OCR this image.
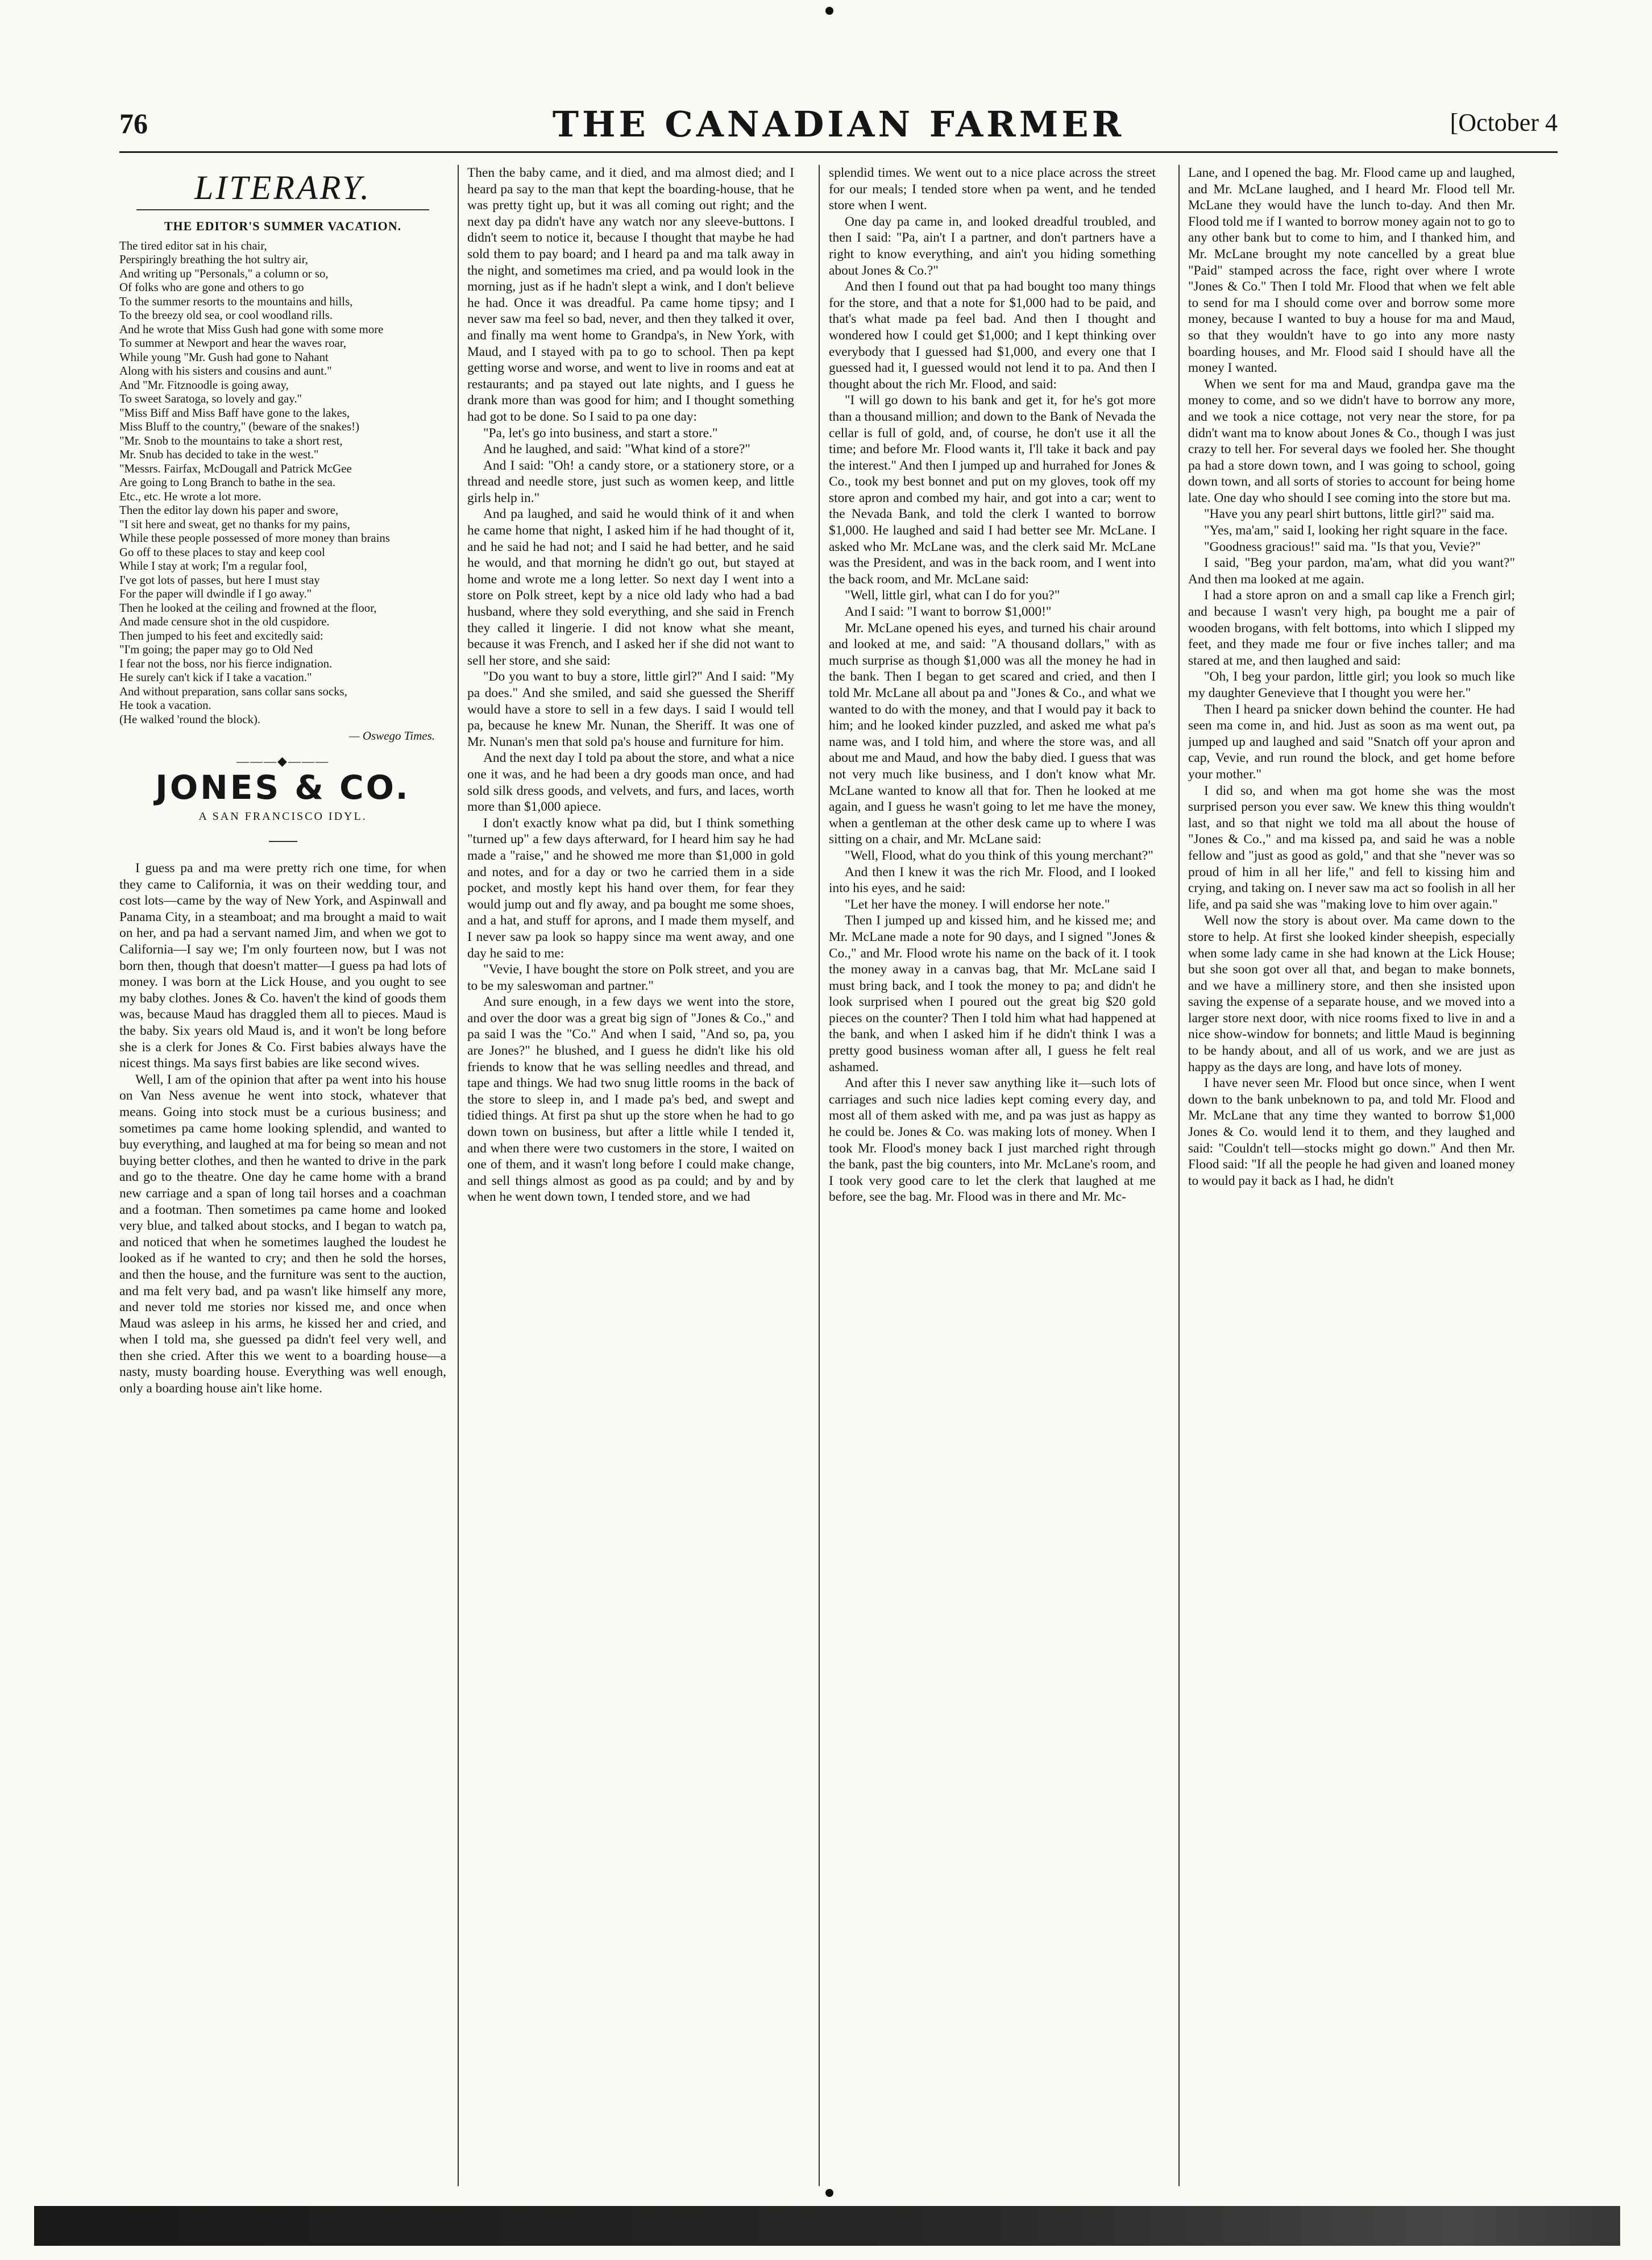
76	THE CANADIAN FARMER	[October 4
LITERARY.
THE EDITOR'S SUMMER VACATION.

The tired editor sat in his chair,

Perspiringly breathing the hot sultry air,

And writing up "Personals," a column or so,

Of folks who are gone and others to go

To the summer resorts to the mountains and hills,

To the breezy old sea, or cool woodland rills.

And he wrote that Miss Gush had gone with some more

To summer at Newport and hear the waves roar,

While young "Mr. Gush had gone to Nahant

Along with his sisters and cousins and aunt."

And "Mr. Fitznoodle is going away,

To sweet Saratoga, so lovely and gay."

"Miss Biff and Miss Baff have gone to the lakes,

Miss Bluff to the country," (beware of the snakes!)

"Mr. Snob to the mountains to take a short rest,

Mr. Snub has decided to take in the west."

"Messrs. Fairfax, McDougall and Patrick McGee

Are going to Long Branch to bathe in the sea.

Etc., etc. He wrote a lot more.

Then the editor lay down his paper and swore,

"I sit here and sweat, get no thanks for my pains,

While these people possessed of more money than brains

Go off to these places to stay and keep cool

While I stay at work; I'm a regular fool,

I've got lots of passes, but here I must stay

For the paper will dwindle if I go away."

Then he looked at the ceiling and frowned at the floor,

And made censure shot in the old cuspidore.

Then jumped to his feet and excitedly said:

"I'm going; the paper may go to Old Ned

I fear not the boss, nor his fierce indignation.

He surely can't kick if I take a vacation."

And without preparation, sans collar sans socks,

He took a vacation.

(He walked 'round the block).

— Oswego Times.
———◆———
JONES & CO.
A SAN FRANCISCO IDYL.

I guess pa and ma were pretty rich one time, for when they came to California, it was on their wedding tour, and cost lots—came by the way of New York, and Aspinwall and Panama City, in a steamboat; and ma brought a maid to wait on her, and pa had a servant named Jim, and when we got to California—I say we; I'm only fourteen now, but I was not born then, though that doesn't matter—I guess pa had lots of money. I was born at the Lick House, and you ought to see my baby clothes. Jones & Co. haven't the kind of goods them was, because Maud has draggled them all to pieces. Maud is the baby. Six years old Maud is, and it won't be long before she is a clerk for Jones & Co. First babies always have the nicest things. Ma says first babies are like second wives.

Well, I am of the opinion that after pa went into his house on Van Ness avenue he went into stock, whatever that means. Going into stock must be a curious business; and sometimes pa came home looking splendid, and wanted to buy everything, and laughed at ma for being so mean and not buying better clothes, and then he wanted to drive in the park and go to the theatre. One day he came home with a brand new carriage and a span of long tail horses and a coachman and a footman. Then sometimes pa came home and looked very blue, and talked about stocks, and I began to watch pa, and noticed that when he sometimes laughed the loudest he looked as if he wanted to cry; and then he sold the horses, and then the house, and the furniture was sent to the auction, and ma felt very bad, and pa wasn't like himself any more, and never told me stories nor kissed me, and once when Maud was asleep in his arms, he kissed her and cried, and when I told ma, she guessed pa didn't feel very well, and then she cried. After this we went to a boarding house—a nasty, musty boarding house. Everything was well enough, only a boarding house ain't like home.

Then the baby came, and it died, and ma almost died; and I heard pa say to the man that kept the boarding-house, that he was pretty tight up, but it was all coming out right; and the next day pa didn't have any watch nor any sleeve-buttons. I didn't seem to notice it, because I thought that maybe he had sold them to pay board; and I heard pa and ma talk away in the night, and sometimes ma cried, and pa would look in the morning, just as if he hadn't slept a wink, and I don't believe he had. Once it was dreadful. Pa came home tipsy; and I never saw ma feel so bad, never, and then they talked it over, and finally ma went home to Grandpa's, in New York, with Maud, and I stayed with pa to go to school. Then pa kept getting worse and worse, and went to live in rooms and eat at restaurants; and pa stayed out late nights, and I guess he drank more than was good for him; and I thought something had got to be done. So I said to pa one day:

"Pa, let's go into business, and start a store."

And he laughed, and said: "What kind of a store?"

And I said: "Oh! a candy store, or a stationery store, or a thread and needle store, just such as women keep, and little girls help in."

And pa laughed, and said he would think of it and when he came home that night, I asked him if he had thought of it, and he said he had not; and I said he had better, and he said he would, and that morning he didn't go out, but stayed at home and wrote me a long letter. So next day I went into a store on Polk street, kept by a nice old lady who had a bad husband, where they sold everything, and she said in French they called it lingerie. I did not know what she meant, because it was French, and I asked her if she did not want to sell her store, and she said:

"Do you want to buy a store, little girl?" And I said: "My pa does." And she smiled, and said she guessed the Sheriff would have a store to sell in a few days. I said I would tell pa, because he knew Mr. Nunan, the Sheriff. It was one of Mr. Nunan's men that sold pa's house and furniture for him.

And the next day I told pa about the store, and what a nice one it was, and he had been a dry goods man once, and had sold silk dress goods, and velvets, and furs, and laces, worth more than $1,000 apiece.

I don't exactly know what pa did, but I think something "turned up" a few days afterward, for I heard him say he had made a "raise," and he showed me more than $1,000 in gold and notes, and for a day or two he carried them in a side pocket, and mostly kept his hand over them, for fear they would jump out and fly away, and pa bought me some shoes, and a hat, and stuff for aprons, and I made them myself, and I never saw pa look so happy since ma went away, and one day he said to me:

"Vevie, I have bought the store on Polk street, and you are to be my saleswoman and partner."

And sure enough, in a few days we went into the store, and over the door was a great big sign of "Jones & Co.," and pa said I was the "Co." And when I said, "And so, pa, you are Jones?" he blushed, and I guess he didn't like his old friends to know that he was selling needles and thread, and tape and things. We had two snug little rooms in the back of the store to sleep in, and I made pa's bed, and swept and tidied things. At first pa shut up the store when he had to go down town on business, but after a little while I tended it, and when there were two customers in the store, I waited on one of them, and it wasn't long before I could make change, and sell things almost as good as pa could; and by and by when he went down town, I tended store, and we had

splendid times. We went out to a nice place across the street for our meals; I tended store when pa went, and he tended store when I went.

One day pa came in, and looked dreadful troubled, and then I said: "Pa, ain't I a partner, and don't partners have a right to know everything, and ain't you hiding something about Jones & Co.?"

And then I found out that pa had bought too many things for the store, and that a note for $1,000 had to be paid, and that's what made pa feel bad. And then I thought and wondered how I could get $1,000; and I kept thinking over everybody that I guessed had $1,000, and every one that I guessed had it, I guessed would not lend it to pa. And then I thought about the rich Mr. Flood, and said:

"I will go down to his bank and get it, for he's got more than a thousand million; and down to the Bank of Nevada the cellar is full of gold, and, of course, he don't use it all the time; and before Mr. Flood wants it, I'll take it back and pay the interest." And then I jumped up and hurrahed for Jones & Co., took my best bonnet and put on my gloves, took off my store apron and combed my hair, and got into a car; went to the Nevada Bank, and told the clerk I wanted to borrow $1,000. He laughed and said I had better see Mr. McLane. I asked who Mr. McLane was, and the clerk said Mr. McLane was the President, and was in the back room, and I went into the back room, and Mr. McLane said:

"Well, little girl, what can I do for you?"

And I said: "I want to borrow $1,000!"

Mr. McLane opened his eyes, and turned his chair around and looked at me, and said: "A thousand dollars," with as much surprise as though $1,000 was all the money he had in the bank. Then I began to get scared and cried, and then I told Mr. McLane all about pa and "Jones & Co., and what we wanted to do with the money, and that I would pay it back to him; and he looked kinder puzzled, and asked me what pa's name was, and I told him, and where the store was, and all about me and Maud, and how the baby died. I guess that was not very much like business, and I don't know what Mr. McLane wanted to know all that for. Then he looked at me again, and I guess he wasn't going to let me have the money, when a gentleman at the other desk came up to where I was sitting on a chair, and Mr. McLane said:

"Well, Flood, what do you think of this young merchant?"

And then I knew it was the rich Mr. Flood, and I looked into his eyes, and he said:

"Let her have the money. I will endorse her note."

Then I jumped up and kissed him, and he kissed me; and Mr. McLane made a note for 90 days, and I signed "Jones & Co.," and Mr. Flood wrote his name on the back of it. I took the money away in a canvas bag, that Mr. McLane said I must bring back, and I took the money to pa; and didn't he look surprised when I poured out the great big $20 gold pieces on the counter? Then I told him what had happened at the bank, and when I asked him if he didn't think I was a pretty good business woman after all, I guess he felt real ashamed.

And after this I never saw anything like it—such lots of carriages and such nice ladies kept coming every day, and most all of them asked with me, and pa was just as happy as he could be. Jones & Co. was making lots of money. When I took Mr. Flood's money back I just marched right through the bank, past the big counters, into Mr. McLane's room, and I took very good care to let the clerk that laughed at me before, see the bag. Mr. Flood was in there and Mr. Mc-

Lane, and I opened the bag. Mr. Flood came up and laughed, and Mr. McLane laughed, and I heard Mr. Flood tell Mr. McLane they would have the lunch to-day. And then Mr. Flood told me if I wanted to borrow money again not to go to any other bank but to come to him, and I thanked him, and Mr. McLane brought my note cancelled by a great blue "Paid" stamped across the face, right over where I wrote "Jones & Co." Then I told Mr. Flood that when we felt able to send for ma I should come over and borrow some more money, because I wanted to buy a house for ma and Maud, so that they wouldn't have to go into any more nasty boarding houses, and Mr. Flood said I should have all the money I wanted.

When we sent for ma and Maud, grandpa gave ma the money to come, and so we didn't have to borrow any more, and we took a nice cottage, not very near the store, for pa didn't want ma to know about Jones & Co., though I was just crazy to tell her. For several days we fooled her. She thought pa had a store down town, and I was going to school, going down town, and all sorts of stories to account for being home late. One day who should I see coming into the store but ma.

"Have you any pearl shirt buttons, little girl?" said ma.

"Yes, ma'am," said I, looking her right square in the face.

"Goodness gracious!" said ma. "Is that you, Vevie?"

I said, "Beg your pardon, ma'am, what did you want?" And then ma looked at me again.

I had a store apron on and a small cap like a French girl; and because I wasn't very high, pa bought me a pair of wooden brogans, with felt bottoms, into which I slipped my feet, and they made me four or five inches taller; and ma stared at me, and then laughed and said:

"Oh, I beg your pardon, little girl; you look so much like my daughter Genevieve that I thought you were her."

Then I heard pa snicker down behind the counter. He had seen ma come in, and hid. Just as soon as ma went out, pa jumped up and laughed and said "Snatch off your apron and cap, Vevie, and run round the block, and get home before your mother."

I did so, and when ma got home she was the most surprised person you ever saw. We knew this thing wouldn't last, and so that night we told ma all about the house of "Jones & Co.," and ma kissed pa, and said he was a noble fellow and "just as good as gold," and that she "never was so proud of him in all her life," and fell to kissing him and crying, and taking on. I never saw ma act so foolish in all her life, and pa said she was "making love to him over again."

Well now the story is about over. Ma came down to the store to help. At first she looked kinder sheepish, especially when some lady came in she had known at the Lick House; but she soon got over all that, and began to make bonnets, and we have a millinery store, and then she insisted upon saving the expense of a separate house, and we moved into a larger store next door, with nice rooms fixed to live in and a nice show-window for bonnets; and little Maud is beginning to be handy about, and all of us work, and we are just as happy as the days are long, and have lots of money.

I have never seen Mr. Flood but once since, when I went down to the bank unbeknown to pa, and told Mr. Flood and Mr. McLane that any time they wanted to borrow $1,000 Jones & Co. would lend it to them, and they laughed and said: "Couldn't tell—stocks might go down." And then Mr. Flood said: "If all the people he had given and loaned money to would pay it back as I had, he didn't
